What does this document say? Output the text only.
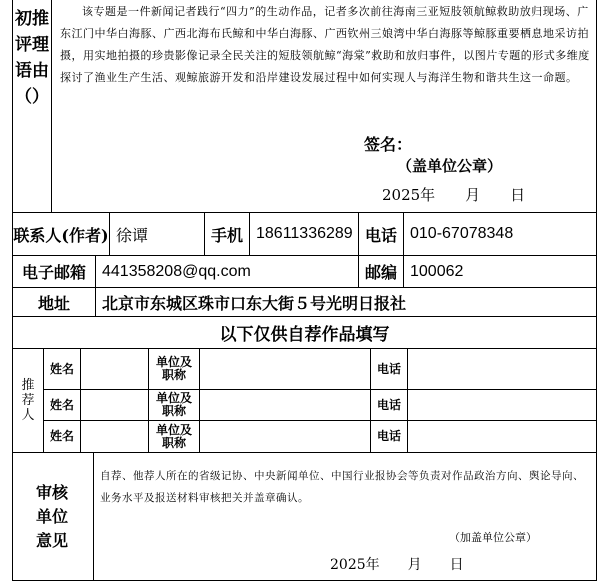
初推评理语由（）
该专题是一件新闻记者践行“四力”的生动作品，记者多次前往海南三亚短肢领航鲸救助放归现场、广东江门中华白海豚、广西北海布氏鲸和中华白海豚、广西钦州三娘湾中华白海豚等鲸豚重要栖息地采访拍摄，用实地拍摄的珍贵影像记录全民关注的短肢领航鲸“海棠”救助和放归事件，以图片专题的形式多维度探讨了渔业生产生活、观鲸旅游开发和沿岸建设发展过程中如何实现人与海洋生物和谐共生这一命题。
签名：
（盖单位公章）
2025年　　月　　日
联系人(作者) 徐谭	手机 18611336289 电话 010-67078348
电子邮箱	441358208@qq.com	邮编 100062
地址	北京市东城区珠市口东大街５号光明日报社
以下仅供自荐作品填写
推荐人
姓名	单位及职称	电话
姓名	单位及职称	电话
姓名	单位及职称	电话
审核单位意见
自荐、他荐人所在的省级记协、中央新闻单位、中国行业报协会等负责对作品政治方向、舆论导向、业务水平及报送材料审核把关并盖章确认。
（加盖单位公章）
2025年　　月　　日
